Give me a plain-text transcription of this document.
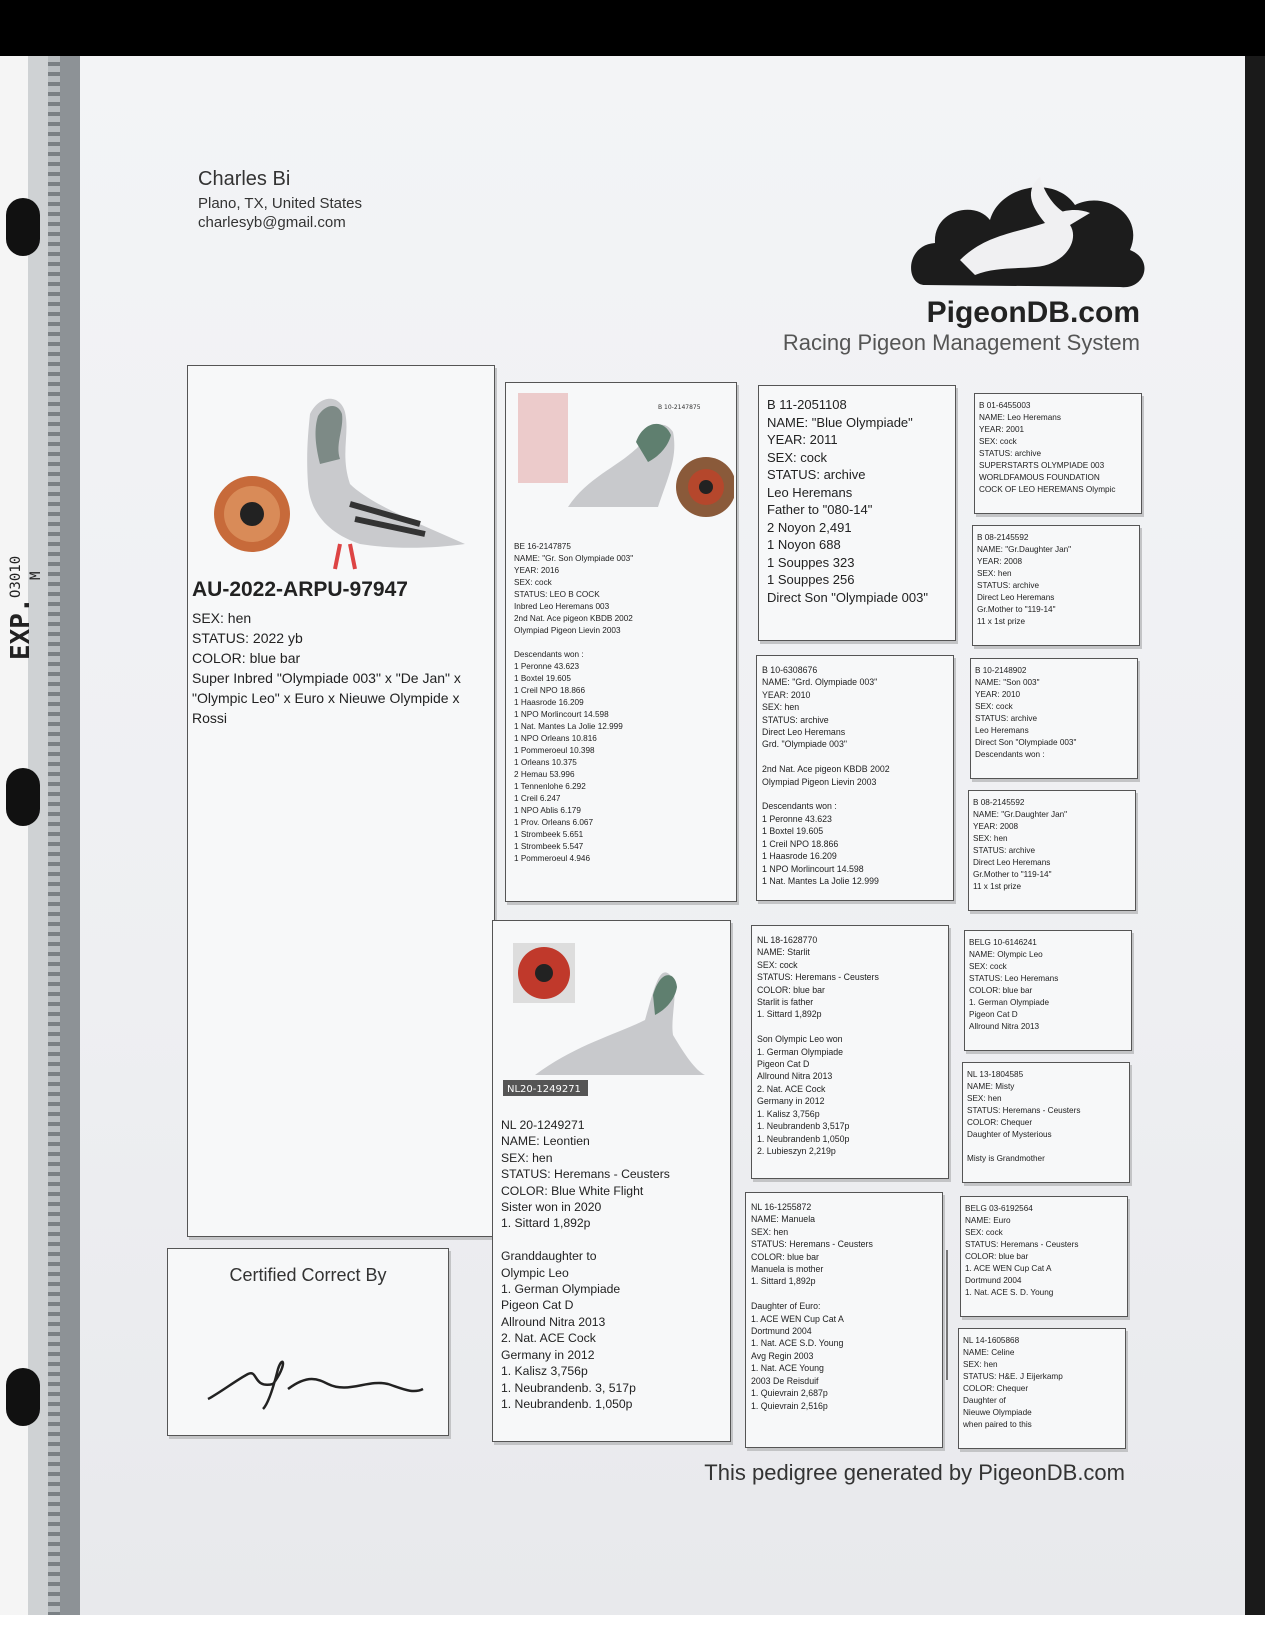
EXP.
O3010 M
Charles Bi
Plano, TX, United States
charlesyb@gmail.com
PigeonDB.com
Racing Pigeon Management System
AU-2022-ARPU-97947
SEX: hen
STATUS: 2022 yb
COLOR: blue bar
Super Inbred "Olympiade 003" x "De Jan" x "Olympic Leo" x Euro x Nieuwe Olympide x Rossi
Certified Correct By
B 10-2147875
BE 16-2147875
NAME: "Gr. Son Olympiade 003"
YEAR: 2016
SEX: cock
STATUS: LEO B COCK
Inbred Leo Heremans 003
2nd Nat. Ace pigeon KBDB 2002
Olympiad Pigeon Lievin 2003

Descendants won :
1 Peronne 43.623
1 Boxtel 19.605
1 Creil NPO 18.866
1 Haasrode 16.209
1 NPO Morlincourt 14.598
1 Nat. Mantes La Jolie 12.999
1 NPO Orleans 10.816
1 Pommeroeul 10.398
1 Orleans 10.375
2 Hemau 53.996
1 Tennenlohe 6.292
1 Creil 6.247
1 NPO Ablis 6.179
1 Prov. Orleans 6.067
1 Strombeek 5.651
1 Strombeek 5.547
1 Pommeroeul 4.946
NL20-1249271
NL 20-1249271
NAME: Leontien
SEX: hen
STATUS: Heremans - Ceusters
COLOR: Blue White Flight
Sister won in 2020
1. Sittard 1,892p

Granddaughter to
Olympic Leo
1. German Olympiade
Pigeon Cat D
Allround Nitra 2013
2. Nat. ACE Cock
Germany in 2012
1. Kalisz 3,756p
1. Neubrandenb. 3, 517p
1. Neubrandenb. 1,050p
B 11-2051108
NAME: "Blue Olympiade"
YEAR: 2011
SEX: cock
STATUS: archive
Leo Heremans
Father to "080-14"
2 Noyon 2,491
1 Noyon 688
1 Souppes 323
1 Souppes 256
Direct Son "Olympiade 003"
B 10-6308676
NAME: "Grd. Olympiade 003"
YEAR: 2010
SEX: hen
STATUS: archive
Direct Leo Heremans
Grd. "Olympiade 003"

2nd Nat. Ace pigeon KBDB 2002
Olympiad Pigeon Lievin 2003

Descendants won :
1 Peronne 43.623
1 Boxtel 19.605
1 Creil NPO 18.866
1 Haasrode 16.209
1 NPO Morlincourt 14.598
1 Nat. Mantes La Jolie 12.999
NL 18-1628770
NAME: Starlit
SEX: cock
STATUS: Heremans - Ceusters
COLOR: blue bar
Starlit is father
1. Sittard 1,892p

Son Olympic Leo won
1. German Olympiade
Pigeon Cat D
Allround Nitra 2013
2. Nat. ACE Cock
Germany in 2012
1. Kalisz 3,756p
1. Neubrandenb 3,517p
1. Neubrandenb 1,050p
2. Lubieszyn 2,219p
NL 16-1255872
NAME: Manuela
SEX: hen
STATUS: Heremans - Ceusters
COLOR: blue bar
Manuela is mother
1. Sittard 1,892p

Daughter of Euro:
1. ACE WEN Cup Cat A
Dortmund 2004
1. Nat. ACE S.D. Young
Avg Regin 2003
1. Nat. ACE Young
2003 De Reisduif
1. Quievrain 2,687p
1. Quievrain 2,516p
B 01-6455003
NAME: Leo Heremans
YEAR: 2001
SEX: cock
STATUS: archive
SUPERSTARTS OLYMPIADE 003
WORLDFAMOUS FOUNDATION
COCK OF LEO HEREMANS Olympic
B 08-2145592
NAME: "Gr.Daughter Jan"
YEAR: 2008
SEX: hen
STATUS: archive
Direct Leo Heremans
Gr.Mother to "119-14"
11 x 1st prize
B 10-2148902
NAME: "Son 003"
YEAR: 2010
SEX: cock
STATUS: archive
Leo Heremans
Direct Son "Olympiade 003"
Descendants won :
B 08-2145592
NAME: "Gr.Daughter Jan"
YEAR: 2008
SEX: hen
STATUS: archive
Direct Leo Heremans
Gr.Mother to "119-14"
11 x 1st prize
BELG 10-6146241
NAME: Olympic Leo
SEX: cock
STATUS: Leo Heremans
COLOR: blue bar
1. German Olympiade
Pigeon Cat D
Allround Nitra 2013
NL 13-1804585
NAME: Misty
SEX: hen
STATUS: Heremans - Ceusters
COLOR: Chequer
Daughter of Mysterious

Misty is Grandmother
BELG 03-6192564
NAME: Euro
SEX: cock
STATUS: Heremans - Ceusters
COLOR: blue bar
1. ACE WEN Cup Cat A
Dortmund 2004
1. Nat. ACE S. D. Young
NL 14-1605868
NAME: Celine
SEX: hen
STATUS: H&E. J Eijerkamp
COLOR: Chequer
Daughter of
Nieuwe Olympiade
when paired to this
This pedigree generated by PigeonDB.com
